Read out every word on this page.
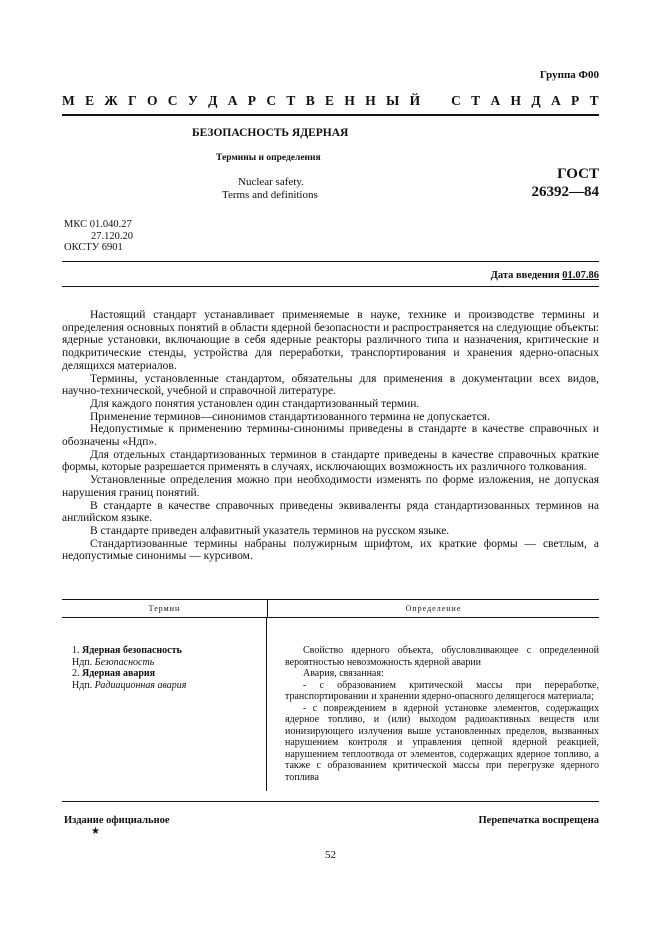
Группа Ф00
М Е Ж Г О С У Д А Р С Т В Е Н Н Ы Й С Т А Н Д А Р Т
БЕЗОПАСНОСТЬ ЯДЕРНАЯ
Термины и определения
Nuclear safety.
Terms and definitions
ГОСТ
26392—84
МКС 01.040.27
27.120.20
ОКСТУ 6901
Дата введения 01.07.86

Настоящий стандарт устанавливает применяемые в науке, технике и производстве термины и определения основных понятий в области ядерной безопасности и распространяется на следующие объекты: ядерные установки, включающие в себя ядерные реакторы различного типа и назначения, критические и подкритические стенды, устройства для переработки, транспортирования и хранения ядерно-опасных делящихся материалов.

Термины, установленные стандартом, обязательны для применения в документации всех видов, научно-технической, учебной и справочной литературе.

Для каждого понятия установлен один стандартизованный термин.

Применение терминов—синонимов стандартизованного термина не допускается.

Недопустимые к применению термины-синонимы приведены в стандарте в качестве справочных и обозначены «Ндп».

Для отдельных стандартизованных терминов в стандарте приведены в качестве справочных краткие формы, которые разрешается применять в случаях, исключающих возможность их различного толкования.

Установленные определения можно при необходимости изменять по форме изложения, не допуская нарушения границ понятий.

В стандарте в качестве справочных приведены эквиваленты ряда стандартизованных терминов на английском языке.

В стандарте приведен алфавитный указатель терминов на русском языке.

Стандартизованные термины набраны полужирным шрифтом, их краткие формы — светлым, а недопустимые синонимы — курсивом.

Термин	Определение
1. Ядерная безопасность
Ндп. Безопасность
2. Ядерная авария
Ндп. Радиационная авария

Свойство ядерного объекта, обусловливающее с определенной вероятностью невозможность ядерной аварии

Авария, связанная:

- с образованием критической массы при переработке, транспортировании и хранении ядерно-опасного делящегося материала;

- с повреждением в ядерной установке элементов, содержащих ядерное топливо, и (или) выходом радиоактивных веществ или ионизирующего излучения выше установленных пределов, вызванных нарушением контроля и управления цепной ядерной реакцией, нарушением теплоотвода от элементов, содержащих ядерное топливо, а также с образованием критической массы при перегрузке ядерного топлива

Издание официальное
★
Перепечатка воспрещена
52
